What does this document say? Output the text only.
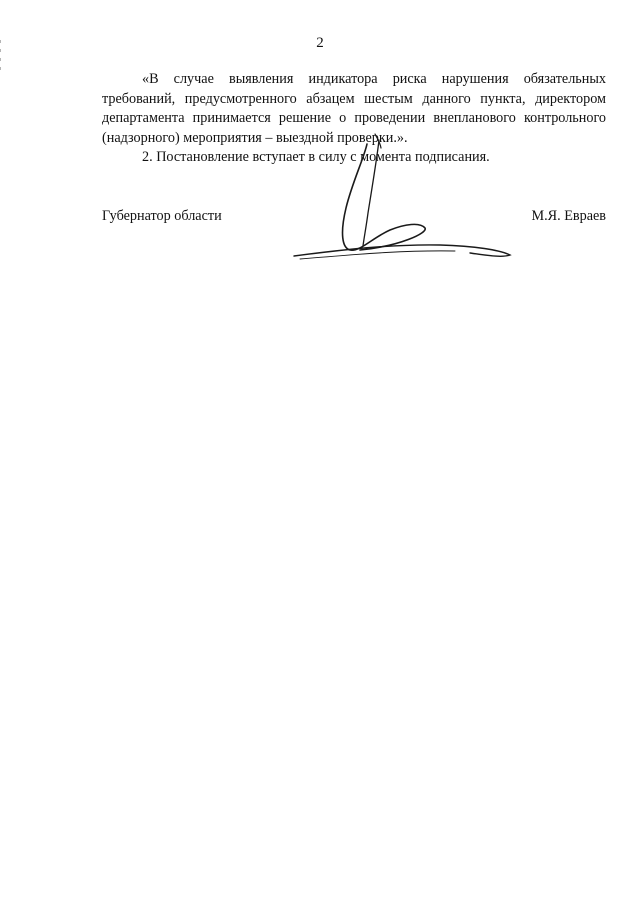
2

«В случае выявления индикатора риска нарушения обязательных требований, предусмотренного абзацем шестым данного пункта, директором департамента принимается решение о проведении внепланового контрольного (надзорного) мероприятия – выездной проверки.».

2. Постановление вступает в силу с момента подписания.

Губернатор области	М.Я. Евраев
